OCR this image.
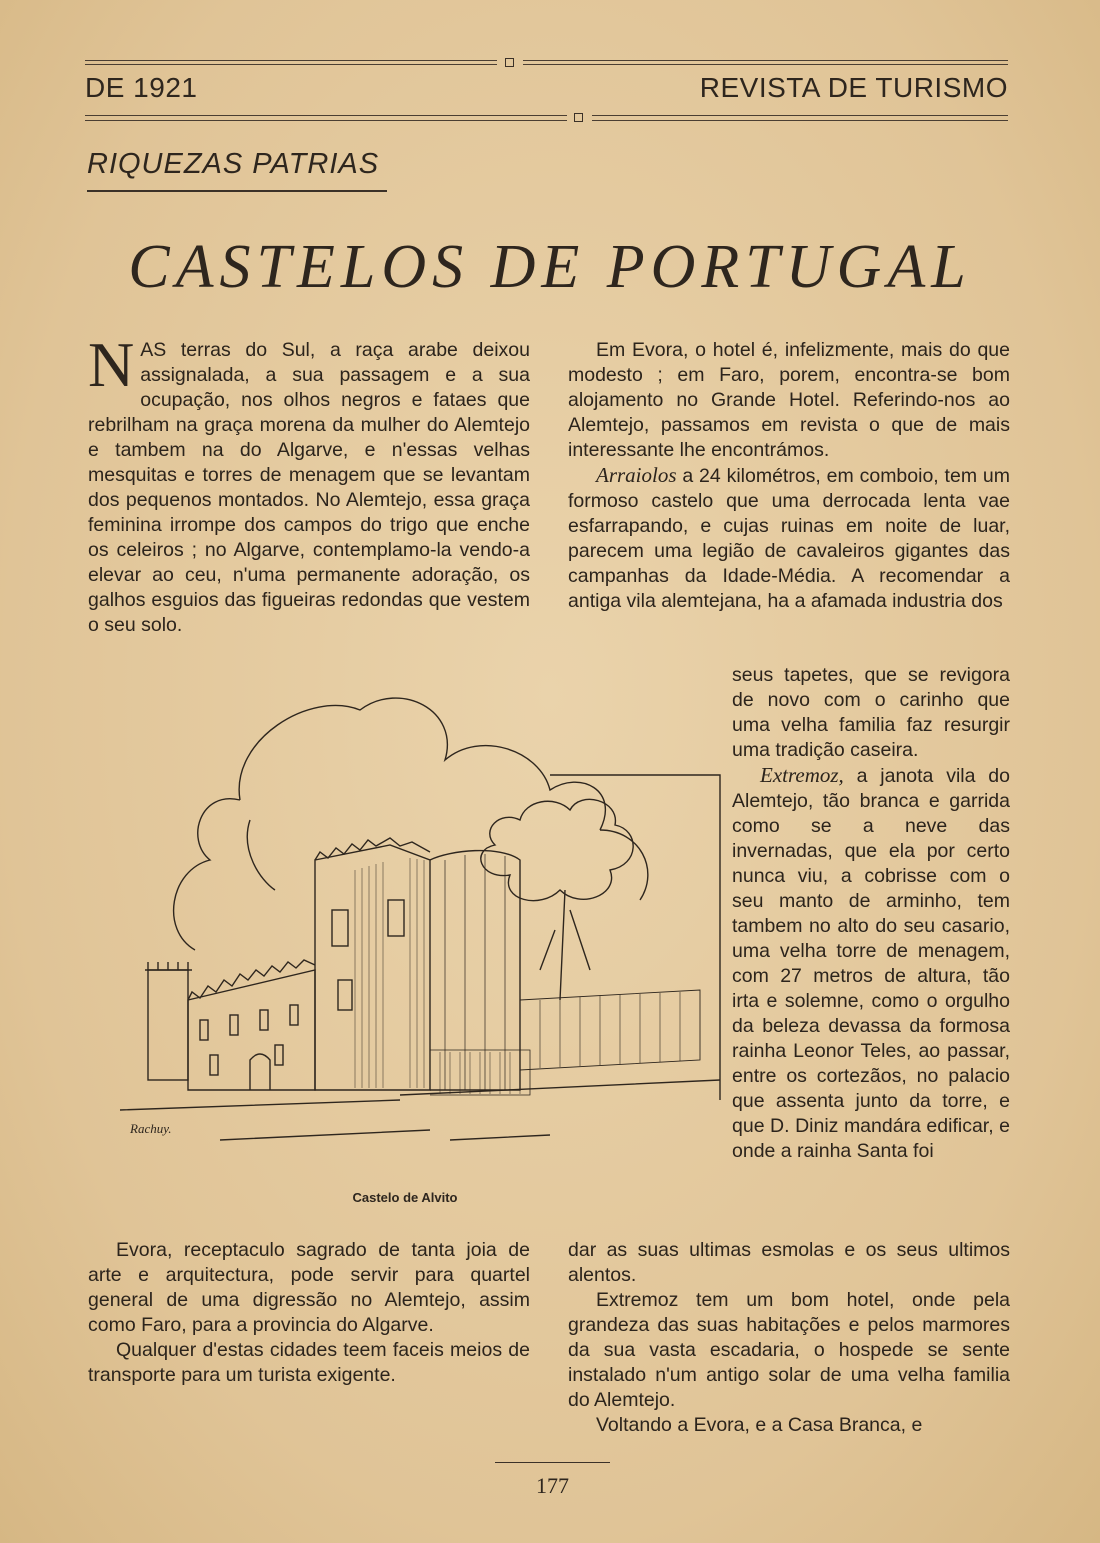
DE 1921	REVISTA DE TURISMO
RIQUEZAS PATRIAS
CASTELOS DE PORTUGAL

NAS terras do Sul, a raça arabe deixou assignalada, a sua passagem e a sua ocupação, nos olhos negros e fataes que rebrilham na graça morena da mulher do Alemtejo e tambem na do Algarve, e n'essas velhas mesquitas e torres de menagem que se levantam dos pequenos montados. No Alemtejo, essa graça feminina irrompe dos campos do trigo que enche os celeiros ; no Algarve, contemplamo-la vendo-a elevar ao ceu, n'uma permanente adoração, os galhos esguios das figueiras redondas que vestem o seu solo.

Rachuy.
Castelo de Alvito

Evora, receptaculo sagrado de tanta joia de arte e arquitectura, pode servir para quartel general de uma digressão no Alemtejo, assim como Faro, para a provincia do Algarve.

Qualquer d'estas cidades teem faceis meios de transporte para um turista exigente.

Em Evora, o hotel é, infelizmente, mais do que modesto ; em Faro, porem, encontra-se bom alojamento no Grande Hotel. Referindo-nos ao Alemtejo, passamos em revista o que de mais interessante lhe encontrámos.

Arraiolos a 24 kilométros, em comboio, tem um formoso castelo que uma derrocada lenta vae esfarrapando, e cujas ruinas em noite de luar, parecem uma legião de cavaleiros gigantes das campanhas da Idade-Média. A recomendar a antiga vila alemtejana, ha a afamada industria dos

seus tapetes, que se revigora de novo com o carinho que uma velha familia faz resurgir uma tradição caseira.

Extremoz, a janota vila do Alemtejo, tão branca e garrida como se a neve das invernadas, que ela por certo nunca viu, a cobrisse com o seu manto de arminho, tem tambem no alto do seu casario, uma velha torre de menagem, com 27 metros de altura, tão irta e solemne, como o orgulho da beleza devassa da formosa rainha Leonor Teles, ao passar, entre os cortezãos, no palacio que assenta junto da torre, e que D. Diniz mandára edificar, e onde a rainha Santa foi

dar as suas ultimas esmolas e os seus ultimos alentos.

Extremoz tem um bom hotel, onde pela grandeza das suas habitações e pelos marmores da sua vasta escadaria, o hospede se sente instalado n'um antigo solar de uma velha familia do Alemtejo.

Voltando a Evora, e a Casa Branca, e

177
